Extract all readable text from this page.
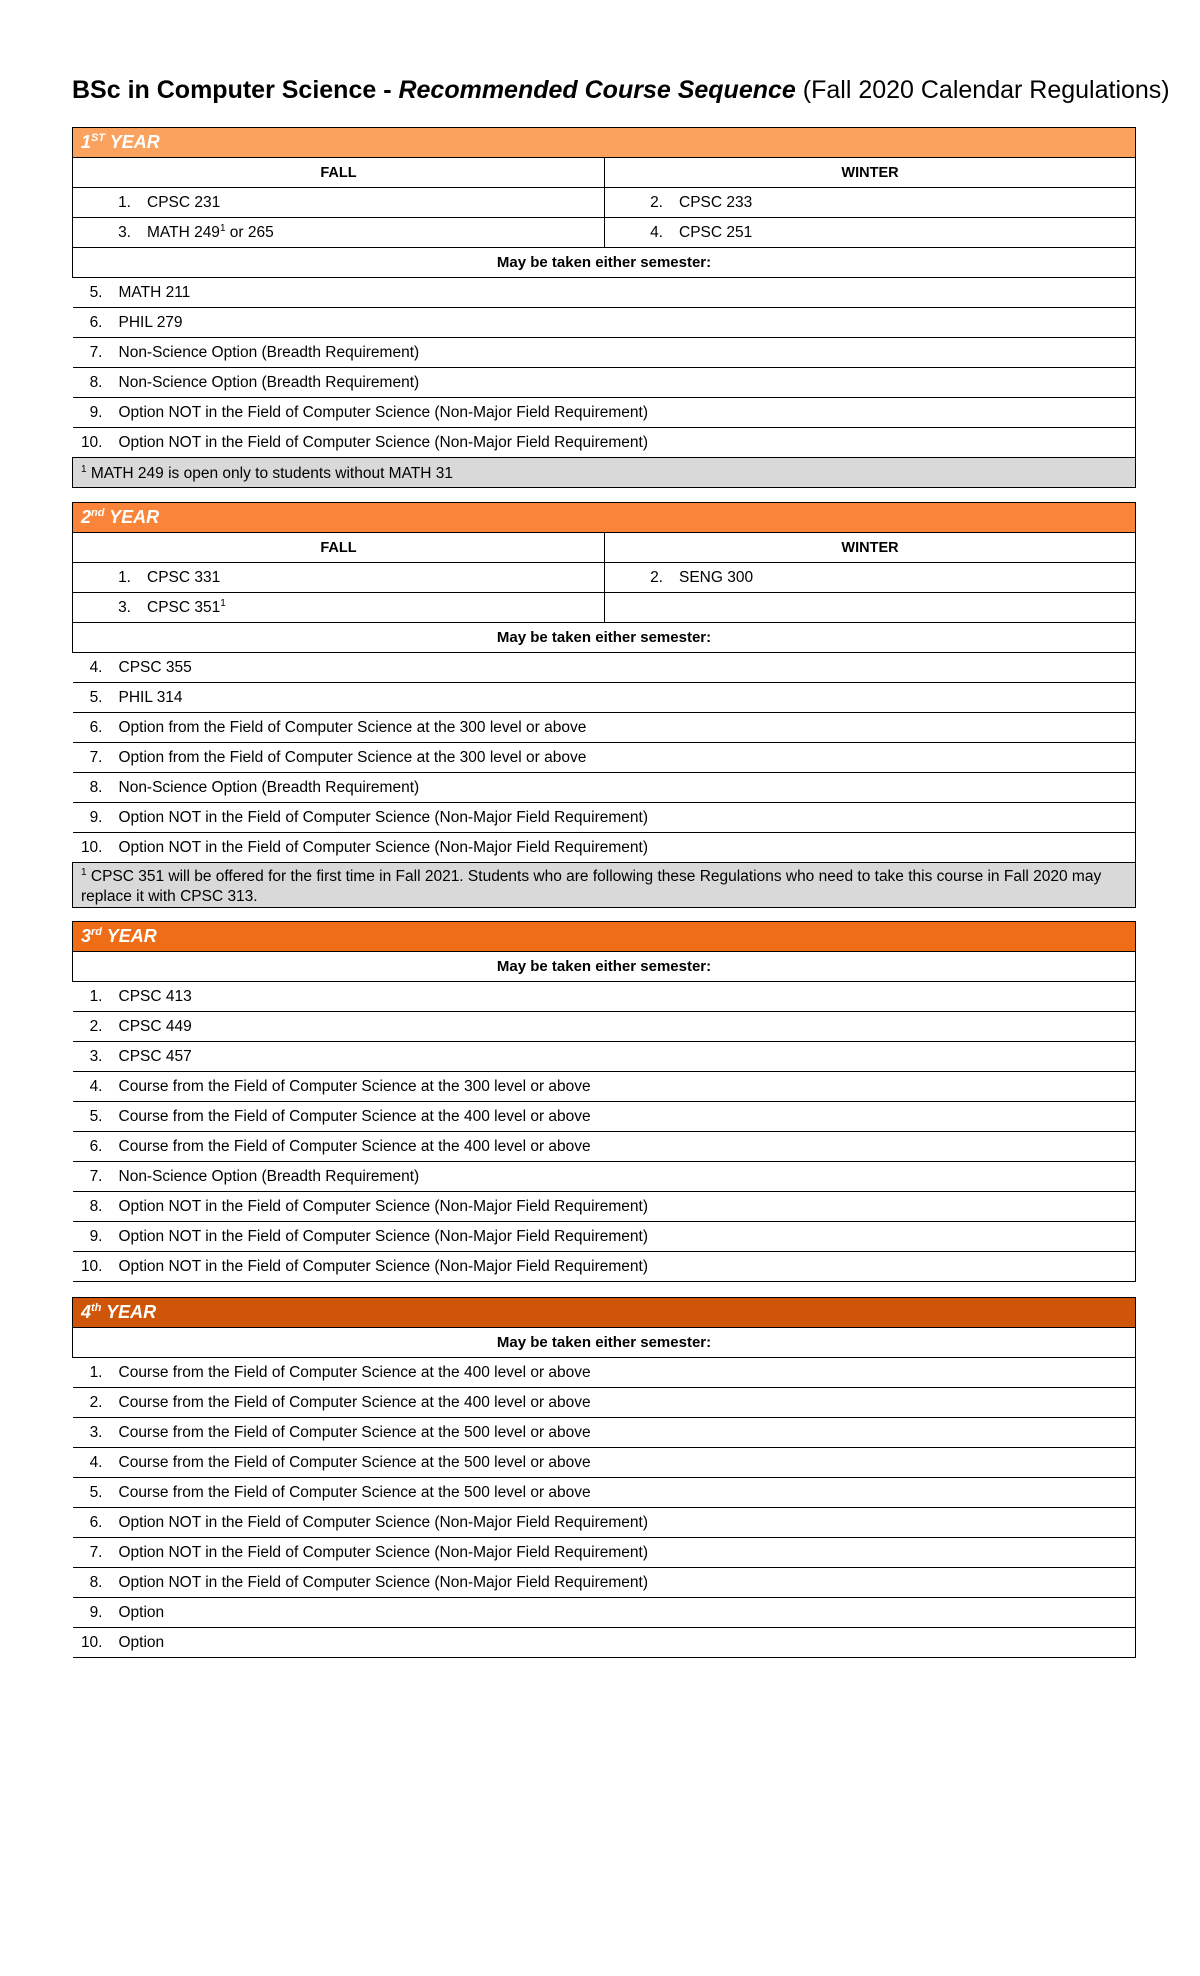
BSc in Computer Science - Recommended Course Sequence (Fall 2020 Calendar Regulations)
1ST YEAR	
FALL	WINTER
1. CPSC 231	2. CPSC 233
3. MATH 249$^1$ or 265	4. CPSC 251
May be taken either semester:	
5. MATH 211	
6. PHIL 279	
7. Non-Science Option (Breadth Requirement)	
8. Non-Science Option (Breadth Requirement)	
9. Option NOT in the Field of Computer Science (Non-Major Field Requirement)	
10. Option NOT in the Field of Computer Science (Non-Major Field Requirement)	
$^1$ MATH 249 is open only to students without MATH 31	
2nd YEAR	
FALL	WINTER
1. CPSC 331	2. SENG 300
3. CPSC 351$^1$	
May be taken either semester:	
4. CPSC 355	
5. PHIL 314	
6. Option from the Field of Computer Science at the 300 level or above	
7. Option from the Field of Computer Science at the 300 level or above	
8. Non-Science Option (Breadth Requirement)	
9. Option NOT in the Field of Computer Science (Non-Major Field Requirement)	
10. Option NOT in the Field of Computer Science (Non-Major Field Requirement)	
$^1$ CPSC 351 will be offered for the first time in Fall 2021. Students who are following these Regulations who need to take this course in Fall 2020 may replace it with CPSC 313.	
3rd YEAR
May be taken either semester:
1. CPSC 413
2. CPSC 449
3. CPSC 457
4. Course from the Field of Computer Science at the 300 level or above
5. Course from the Field of Computer Science at the 400 level or above
6. Course from the Field of Computer Science at the 400 level or above
7. Non-Science Option (Breadth Requirement)
8. Option NOT in the Field of Computer Science (Non-Major Field Requirement)
9. Option NOT in the Field of Computer Science (Non-Major Field Requirement)
10. Option NOT in the Field of Computer Science (Non-Major Field Requirement)
4th YEAR
May be taken either semester:
1. Course from the Field of Computer Science at the 400 level or above
2. Course from the Field of Computer Science at the 400 level or above
3. Course from the Field of Computer Science at the 500 level or above
4. Course from the Field of Computer Science at the 500 level or above
5. Course from the Field of Computer Science at the 500 level or above
6. Option NOT in the Field of Computer Science (Non-Major Field Requirement)
7. Option NOT in the Field of Computer Science (Non-Major Field Requirement)
8. Option NOT in the Field of Computer Science (Non-Major Field Requirement)
9. Option
10. Option
